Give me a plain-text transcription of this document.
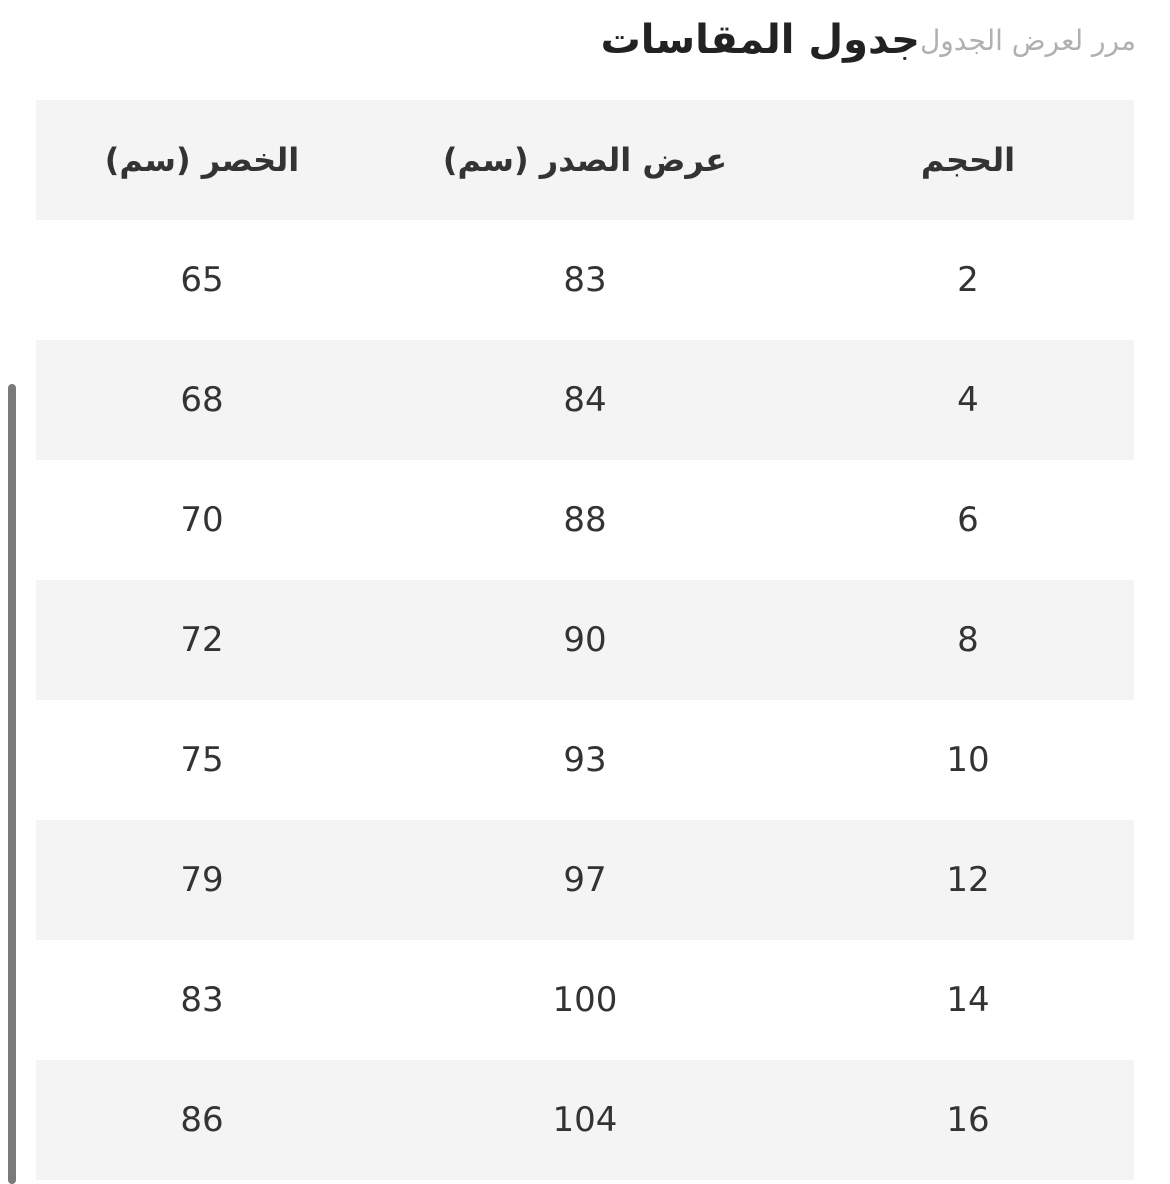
جدول المقاسات مرر لعرض الجدول
الخصر (سم)	عرض الصدر (سم)	الحجم
65	83	2
68	84	4
70	88	6
72	90	8
75	93	10
79	97	12
83	100	14
86	104	16
